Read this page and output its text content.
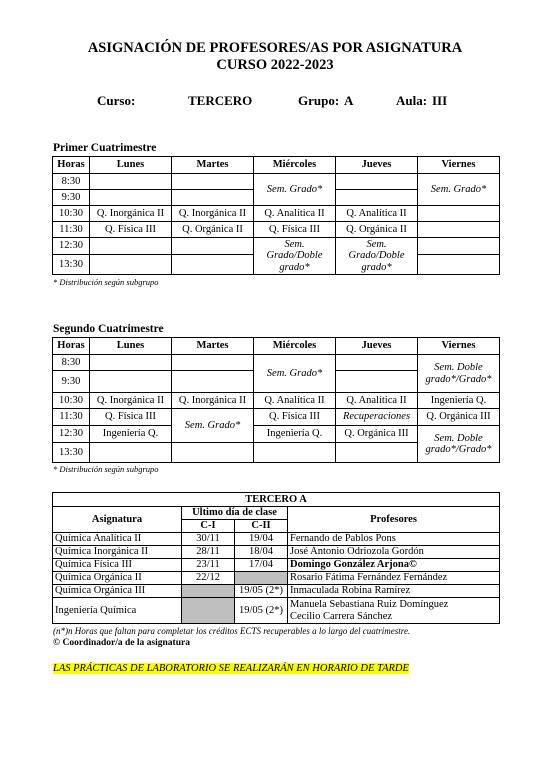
ASIGNACIÓN DE PROFESORES/AS POR ASIGNATURA
CURSO 2022-2023
Curso:	TERCERO	Grupo: A	Aula: III
Primer Cuatrimestre
Horas	Lunes	Martes	Miércoles	Jueves	Viernes
8:30			Sem. Grado*		Sem. Grado*
9:30					
10:30	Q. Inorgánica II	Q. Inorgánica II	Q. Analítica II	Q. Analítica II	
11:30	Q. Física III	Q. Orgánica II	Q. Física III	Q. Orgánica II	
12:30			Sem. Grado/Doble grado*	Sem. Grado/Doble grado*	
13:30					
* Distribución según subgrupo
Segundo Cuatrimestre
Horas	Lunes	Martes	Miércoles	Jueves	Viernes
8:30			Sem. Grado*		Sem. Doble grado*/Grado*
9:30					
10:30	Q. Inorgánica II	Q. Inorgánica II	Q. Analítica II	Q. Analítica II	Ingeniería Q.
11:30	Q. Física III	Sem. Grado*	Q. Física III	Recuperaciones	Q. Orgánica III
12:30	Ingeniería Q.		Ingeniería Q.	Q. Orgánica III	Sem. Doble grado*/Grado*
13:30					
* Distribución según subgrupo
TERCERO A			
Asignatura	Último día de clase		Profesores
	C-I	C-II	
Química Analítica II	30/11	19/04	Fernando de Pablos Pons
Química Inorgánica II	28/11	18/04	José Antonio Odriozola Gordón
Química Física III	23/11	17/04	Domingo González Arjona©
Química Orgánica II	22/12		Rosario Fátima Fernández Fernández
Química Orgánica III		19/05 (2*)	Inmaculada Robina Ramírez
Ingeniería Química		19/05 (2*)	Manuela Sebastiana Ruiz Domínguez
Cecilio Carrera Sánchez
(n*)n Horas que faltan para completar los créditos ECTS recuperables a lo largo del cuatrimestre.
© Coordinador/a de la asignatura
LAS PRÁCTICAS DE LABORATORIO SE REALIZARÁN EN HORARIO DE TARDE
